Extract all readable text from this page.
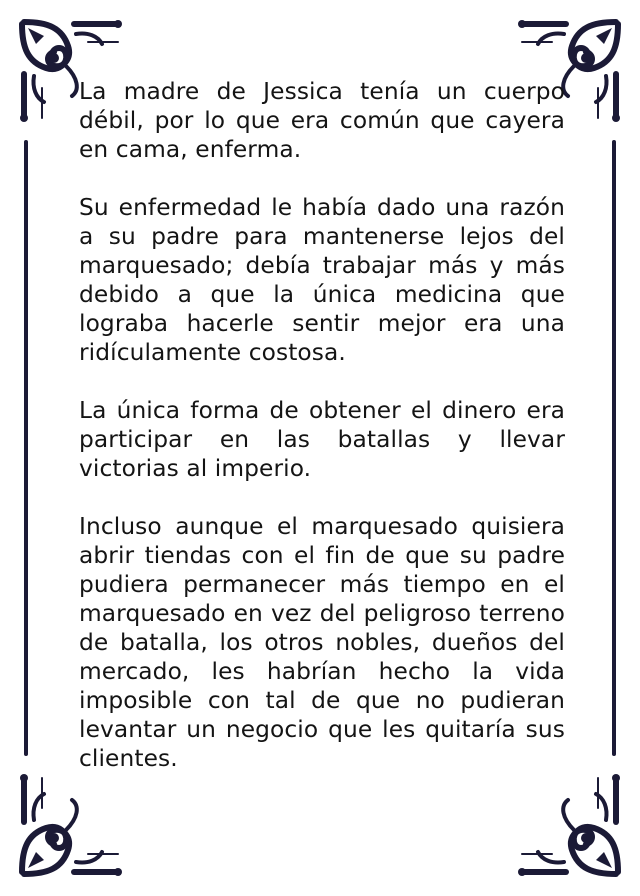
La madre de Jessica tenía un cuerpo débil, por lo que era común que cayera en cama, enferma.

Su enfermedad le había dado una razón a su padre para mantenerse lejos del marquesado; debía trabajar más y más debido a que la única medicina que lograba hacerle sentir mejor era una ridículamente costosa.

La única forma de obtener el dinero era participar en las batallas y llevar victorias al imperio.

Incluso aunque el marquesado quisiera abrir tiendas con el fin de que su padre pudiera permanecer más tiempo en el marquesado en vez del peligroso terreno de batalla, los otros nobles, dueños del mercado, les habrían hecho la vida imposible con tal de que no pudieran levantar un negocio que les quitaría sus clientes.
